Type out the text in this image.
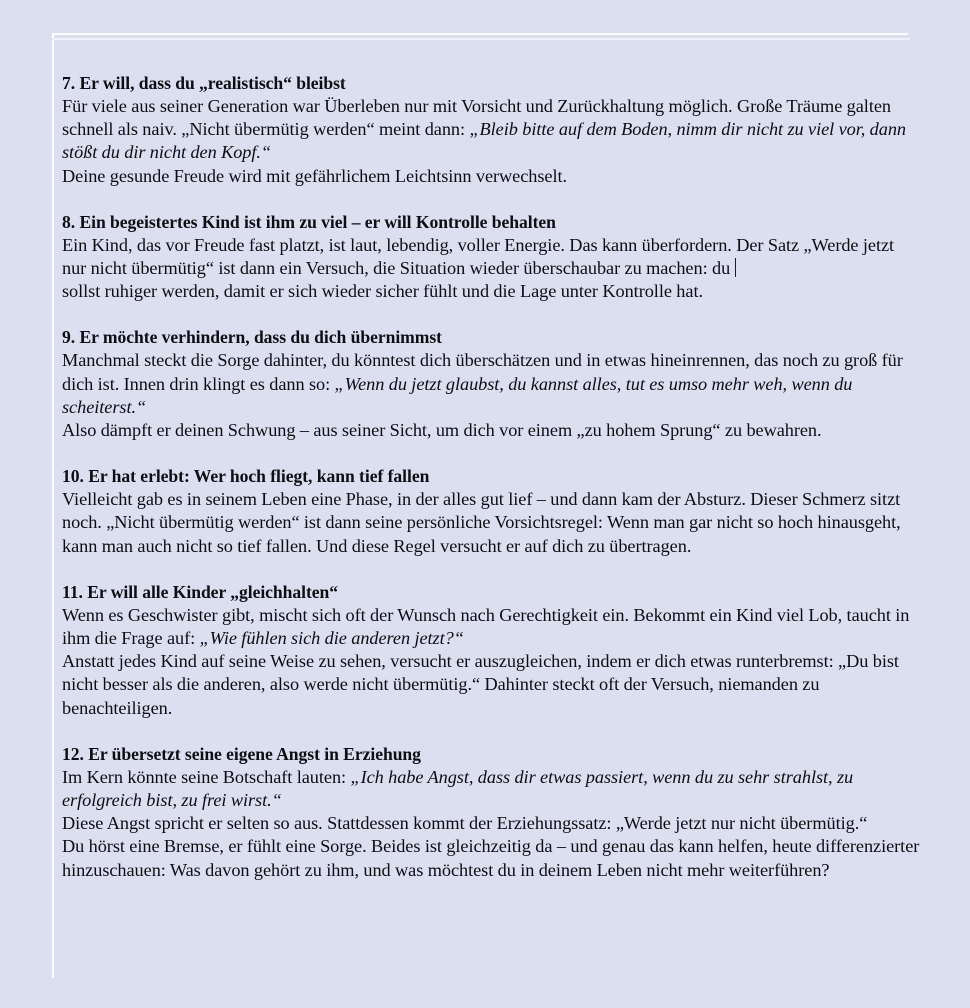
7. Er will, dass du „realistisch“ bleibst
Für viele aus seiner Generation war Überleben nur mit Vorsicht und Zurückhaltung möglich. Große Träume galten schnell als naiv. „Nicht übermütig werden“ meint dann: „Bleib bitte auf dem Boden, nimm dir nicht zu viel vor, dann stößt du dir nicht den Kopf.“
Deine gesunde Freude wird mit gefährlichem Leichtsinn verwechselt.
8. Ein begeistertes Kind ist ihm zu viel – er will Kontrolle behalten
Ein Kind, das vor Freude fast platzt, ist laut, lebendig, voller Energie. Das kann überfordern. Der Satz „Werde jetzt nur nicht übermütig“ ist dann ein Versuch, die Situation wieder überschaubar zu machen: du
sollst ruhiger werden, damit er sich wieder sicher fühlt und die Lage unter Kontrolle hat.
9. Er möchte verhindern, dass du dich übernimmst
Manchmal steckt die Sorge dahinter, du könntest dich überschätzen und in etwas hineinrennen, das noch zu groß für dich ist. Innen drin klingt es dann so: „Wenn du jetzt glaubst, du kannst alles, tut es umso mehr weh, wenn du scheiterst.“
Also dämpft er deinen Schwung – aus seiner Sicht, um dich vor einem „zu hohem Sprung“ zu bewahren.
10. Er hat erlebt: Wer hoch fliegt, kann tief fallen
Vielleicht gab es in seinem Leben eine Phase, in der alles gut lief – und dann kam der Absturz. Dieser Schmerz sitzt noch. „Nicht übermütig werden“ ist dann seine persönliche Vorsichtsregel: Wenn man gar nicht so hoch hinausgeht, kann man auch nicht so tief fallen. Und diese Regel versucht er auf dich zu übertragen.
11. Er will alle Kinder „gleichhalten“
Wenn es Geschwister gibt, mischt sich oft der Wunsch nach Gerechtigkeit ein. Bekommt ein Kind viel Lob, taucht in ihm die Frage auf: „Wie fühlen sich die anderen jetzt?“
Anstatt jedes Kind auf seine Weise zu sehen, versucht er auszugleichen, indem er dich etwas runterbremst: „Du bist nicht besser als die anderen, also werde nicht übermütig.“ Dahinter steckt oft der Versuch, niemanden zu benachteiligen.
12. Er übersetzt seine eigene Angst in Erziehung
Im Kern könnte seine Botschaft lauten: „Ich habe Angst, dass dir etwas passiert, wenn du zu sehr strahlst, zu erfolgreich bist, zu frei wirst.“
Diese Angst spricht er selten so aus. Stattdessen kommt der Erziehungssatz: „Werde jetzt nur nicht übermütig.“
Du hörst eine Bremse, er fühlt eine Sorge. Beides ist gleichzeitig da – und genau das kann helfen, heute differenzierter hinzuschauen: Was davon gehört zu ihm, und was möchtest du in deinem Leben nicht mehr weiterführen?
